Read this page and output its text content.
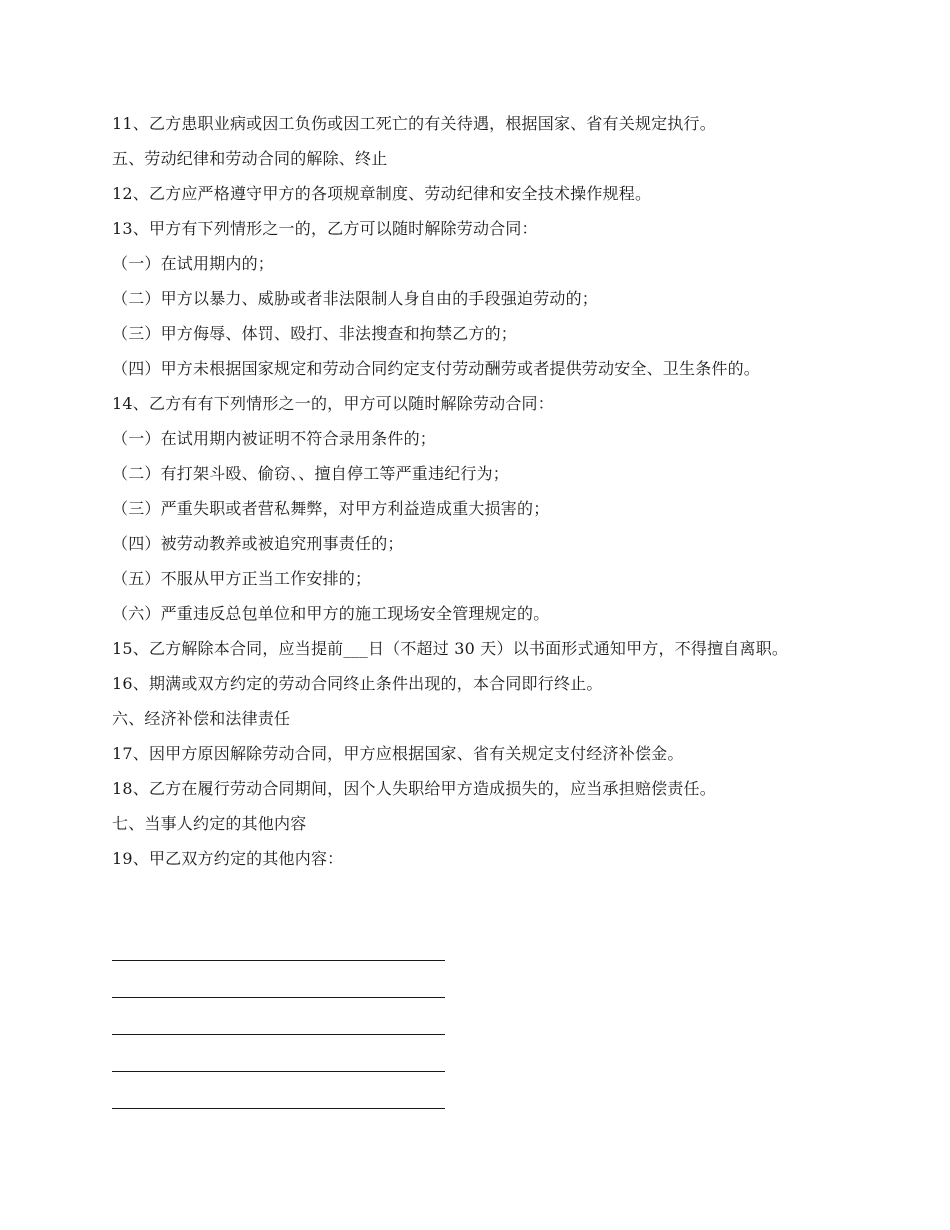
11、乙方患职业病或因工负伤或因工死亡的有关待遇，根据国家、省有关规定执行。

五、劳动纪律和劳动合同的解除、终止

12、乙方应严格遵守甲方的各项规章制度、劳动纪律和安全技术操作规程。

13、甲方有下列情形之一的，乙方可以随时解除劳动合同：

（一）在试用期内的；

（二）甲方以暴力、威胁或者非法限制人身自由的手段强迫劳动的；

（三）甲方侮辱、体罚、殴打、非法搜查和拘禁乙方的；

（四）甲方未根据国家规定和劳动合同约定支付劳动酬劳或者提供劳动安全、卫生条件的。

14、乙方有有下列情形之一的，甲方可以随时解除劳动合同：

（一）在试用期内被证明不符合录用条件的；

（二）有打架斗殴、偷窃、、擅自停工等严重违纪行为；

（三）严重失职或者营私舞弊，对甲方利益造成重大损害的；

（四）被劳动教养或被追究刑事责任的；

（五）不服从甲方正当工作安排的；

（六）严重违反总包单位和甲方的施工现场安全管理规定的。

15、乙方解除本合同，应当提前___日（不超过 30 天）以书面形式通知甲方，不得擅自离职。

16、期满或双方约定的劳动合同终止条件出现的，本合同即行终止。

六、经济补偿和法律责任

17、因甲方原因解除劳动合同，甲方应根据国家、省有关规定支付经济补偿金。

18、乙方在履行劳动合同期间，因个人失职给甲方造成损失的，应当承担赔偿责任。

七、当事人约定的其他内容

19、甲乙双方约定的其他内容：
